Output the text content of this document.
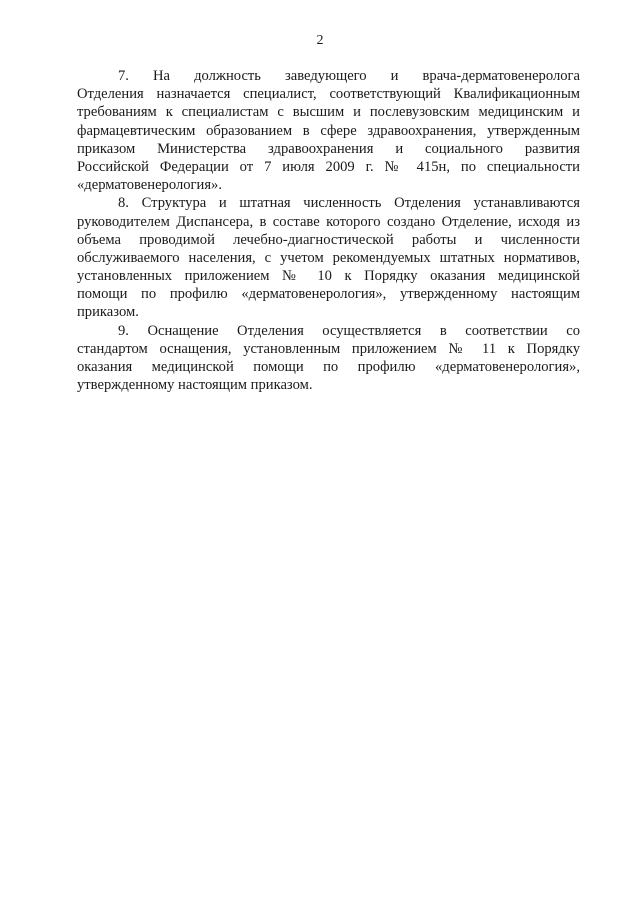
2
7. На должность заведующего и врача-дерматовенеролога
Отделения назначается специалист, соответствующий Квалификационным
требованиям к специалистам с высшим и послевузовским медицинским и
фармацевтическим образованием в сфере здравоохранения, утвержденным
приказом Министерства здравоохранения и социального развития
Российской Федерации от 7 июля 2009 г. № 415н, по специальности
«дерматовенерология».
8. Структура и штатная численность Отделения устанавливаются
руководителем Диспансера, в составе которого создано Отделение, исходя из
объема проводимой лечебно-диагностической работы и численности
обслуживаемого населения, с учетом рекомендуемых штатных нормативов,
установленных приложением № 10 к Порядку оказания медицинской
помощи по профилю «дерматовенерология», утвержденному настоящим
приказом.
9. Оснащение Отделения осуществляется в соответствии со
стандартом оснащения, установленным приложением № 11 к Порядку
оказания медицинской помощи по профилю «дерматовенерология»,
утвержденному настоящим приказом.
